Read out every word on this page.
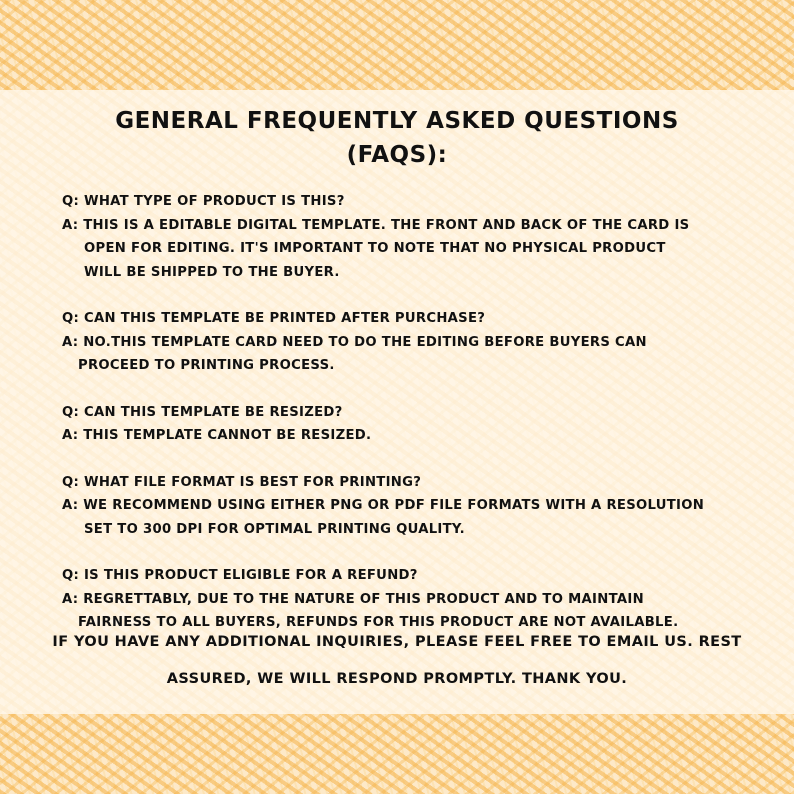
GENERAL FREQUENTLY ASKED QUESTIONS
(FAQS):
Q: WHAT TYPE OF PRODUCT IS THIS?
A: THIS IS A EDITABLE DIGITAL TEMPLATE. THE FRONT AND BACK OF THE CARD IS
OPEN FOR EDITING. IT'S IMPORTANT TO NOTE THAT NO PHYSICAL PRODUCT
WILL BE SHIPPED TO THE BUYER.
Q: CAN THIS TEMPLATE BE PRINTED AFTER PURCHASE?
A: NO.THIS TEMPLATE CARD NEED TO DO THE EDITING BEFORE BUYERS CAN
PROCEED TO PRINTING PROCESS.
Q: CAN THIS TEMPLATE BE RESIZED?
A: THIS TEMPLATE CANNOT BE RESIZED.
Q: WHAT FILE FORMAT IS BEST FOR PRINTING?
A: WE RECOMMEND USING EITHER PNG OR PDF FILE FORMATS WITH A RESOLUTION
SET TO 300 DPI FOR OPTIMAL PRINTING QUALITY.
Q: IS THIS PRODUCT ELIGIBLE FOR A REFUND?
A: REGRETTABLY, DUE TO THE NATURE OF THIS PRODUCT AND TO MAINTAIN
FAIRNESS TO ALL BUYERS, REFUNDS FOR THIS PRODUCT ARE NOT AVAILABLE.
IF YOU HAVE ANY ADDITIONAL INQUIRIES, PLEASE FEEL FREE TO EMAIL US. REST
ASSURED, WE WILL RESPOND PROMPTLY. THANK YOU.
